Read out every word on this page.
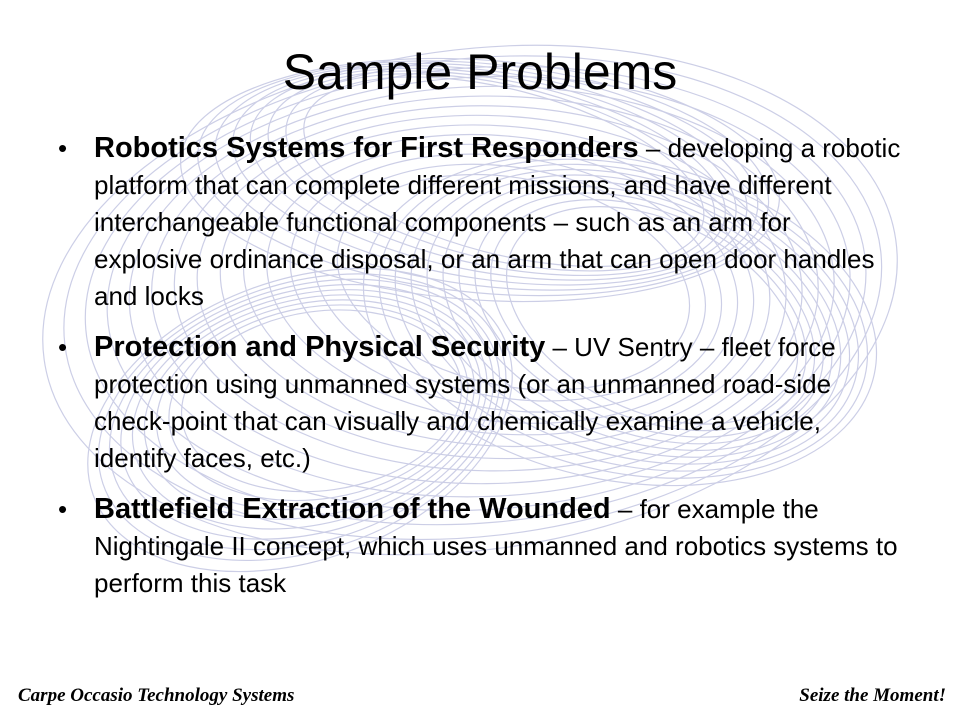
Sample Problems
• Robotics Systems for First Responders – developing a robotic platform that can complete different missions, and have different interchangeable functional components – such as an arm for explosive ordinance disposal, or an arm that can open door handles and locks
• Protection and Physical Security – UV Sentry – fleet force protection using unmanned systems (or an unmanned road-side check-point that can visually and chemically examine a vehicle, identify faces, etc.)
• Battlefield Extraction of the Wounded – for example the Nightingale II concept, which uses unmanned and robotics systems to perform this task
Carpe Occasio Technology Systems	Seize the Moment!
